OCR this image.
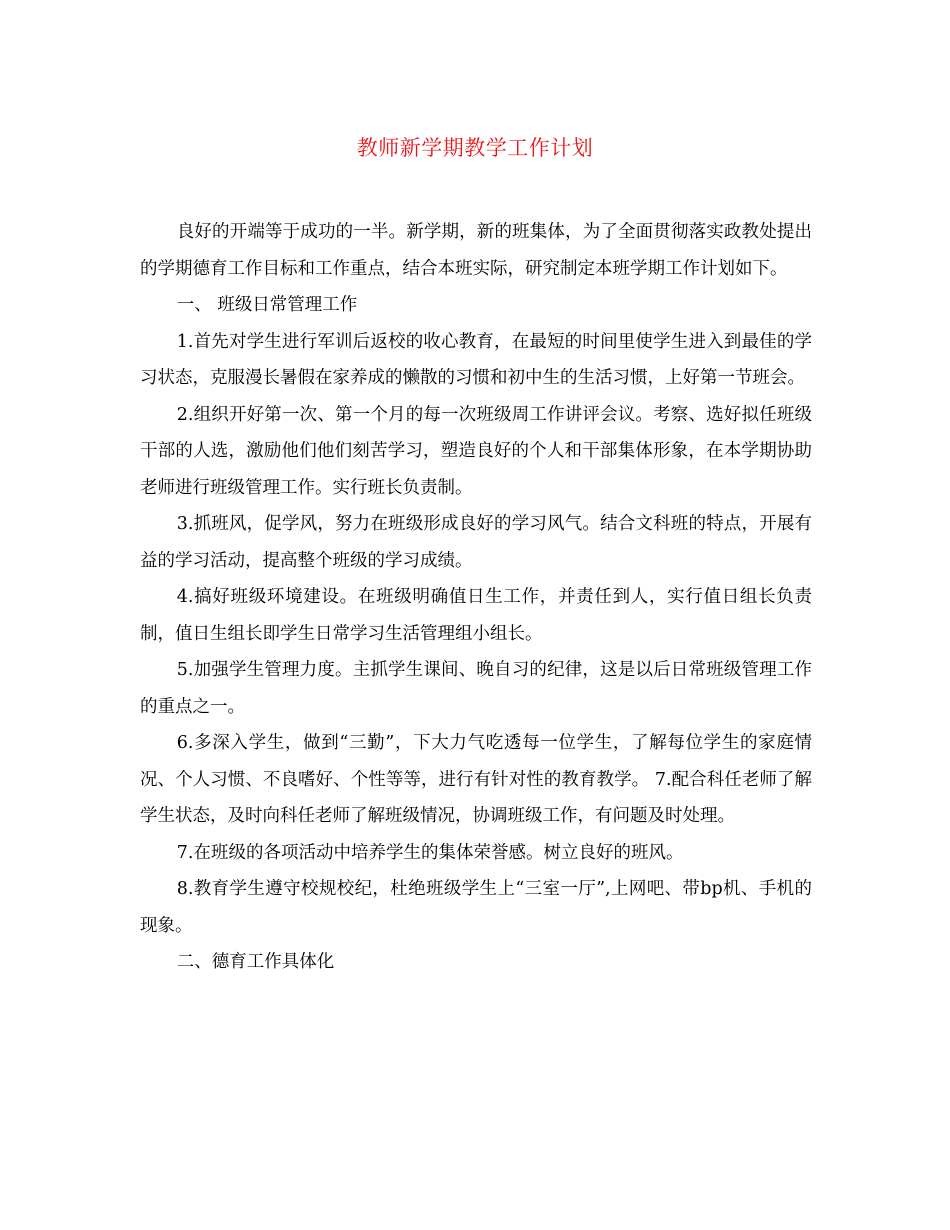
教师新学期教学工作计划

良好的开端等于成功的一半。新学期，新的班集体，为了全面贯彻落实政教处提出的学期德育工作目标和工作重点，结合本班实际，研究制定本班学期工作计划如下。

一、 班级日常管理工作

1.首先对学生进行军训后返校的收心教育，在最短的时间里使学生进入到最佳的学习状态，克服漫长暑假在家养成的懒散的习惯和初中生的生活习惯，上好第一节班会。

2.组织开好第一次、第一个月的每一次班级周工作讲评会议。考察、选好拟任班级干部的人选，激励他们他们刻苦学习，塑造良好的个人和干部集体形象，在本学期协助老师进行班级管理工作。实行班长负责制。

3.抓班风，促学风，努力在班级形成良好的学习风气。结合文科班的特点，开展有益的学习活动，提高整个班级的学习成绩。

4.搞好班级环境建设。在班级明确值日生工作，并责任到人，实行值日组长负责制，值日生组长即学生日常学习生活管理组小组长。

5.加强学生管理力度。主抓学生课间、晚自习的纪律，这是以后日常班级管理工作的重点之一。

6.多深入学生，做到“三勤”，下大力气吃透每一位学生，了解每位学生的家庭情况、个人习惯、不良嗜好、个性等等，进行有针对性的教育教学。 7.配合科任老师了解学生状态，及时向科任老师了解班级情况，协调班级工作，有问题及时处理。

7.在班级的各项活动中培养学生的集体荣誉感。树立良好的班风。

8.教育学生遵守校规校纪，杜绝班级学生上“三室一厅”,上网吧、带bp机、手机的现象。

二、德育工作具体化
